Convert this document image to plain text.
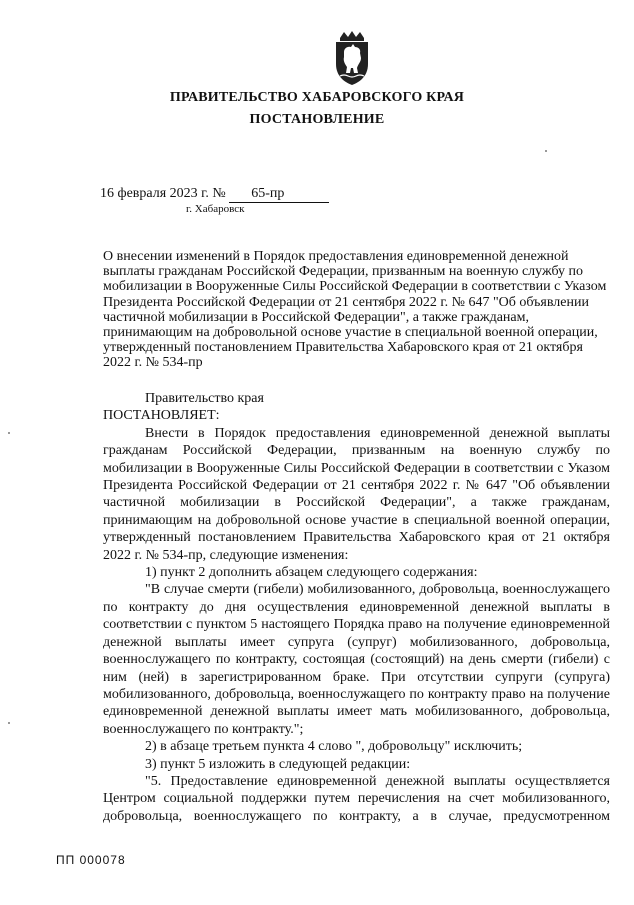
ПРАВИТЕЛЬСТВО ХАБАРОВСКОГО КРАЯ
ПОСТАНОВЛЕНИЕ
16 февраля 2023 г. № 65-пр
г. Хабаровск
О внесении изменений в Порядок предоставления единовременной денежной выплаты гражданам Российской Федерации, призванным на военную службу по мобилизации в Вооруженные Силы Российской Федерации в соответствии с Указом Президента Российской Федерации от 21 сентября 2022 г. № 647 "Об объявлении частичной мобилизации в Российской Федерации", а также гражданам, принимающим на добровольной основе участие в специальной военной операции, утвержденный постановлением Правительства Хабаровского края от 21 октября 2022 г. № 534-пр

Правительство края

ПОСТАНОВЛЯЕТ:

Внести в Порядок предоставления единовременной денежной выплаты гражданам Российской Федерации, призванным на военную службу по мобилизации в Вооруженные Силы Российской Федерации в соответствии с Указом Президента Российской Федерации от 21 сентября 2022 г. № 647 "Об объявлении частичной мобилизации в Российской Федерации", а также гражданам, принимающим на добровольной основе участие в специальной военной операции, утвержденный постановлением Правительства Хабаровского края от 21 октября 2022 г. № 534-пр, следующие изменения:

1) пункт 2 дополнить абзацем следующего содержания:

"В случае смерти (гибели) мобилизованного, добровольца, военнослужащего по контракту до дня осуществления единовременной денежной выплаты в соответствии с пунктом 5 настоящего Порядка право на получение единовременной денежной выплаты имеет супруга (супруг) мобилизованного, добровольца, военнослужащего по контракту, состоящая (состоящий) на день смерти (гибели) с ним (ней) в зарегистрированном браке. При отсутствии супруги (супруга) мобилизованного, добровольца, военнослужащего по контракту право на получение единовременной денежной выплаты имеет мать мобилизованного, добровольца, военнослужащего по контракту.";

2) в абзаце третьем пункта 4 слово ", добровольцу" исключить;

3) пункт 5 изложить в следующей редакции:

"5. Предоставление единовременной денежной выплаты осуществляется Центром социальной поддержки путем перечисления на счет мобилизованного, добровольца, военнослужащего по контракту, а в случае, предусмотренном

ПП 000078
